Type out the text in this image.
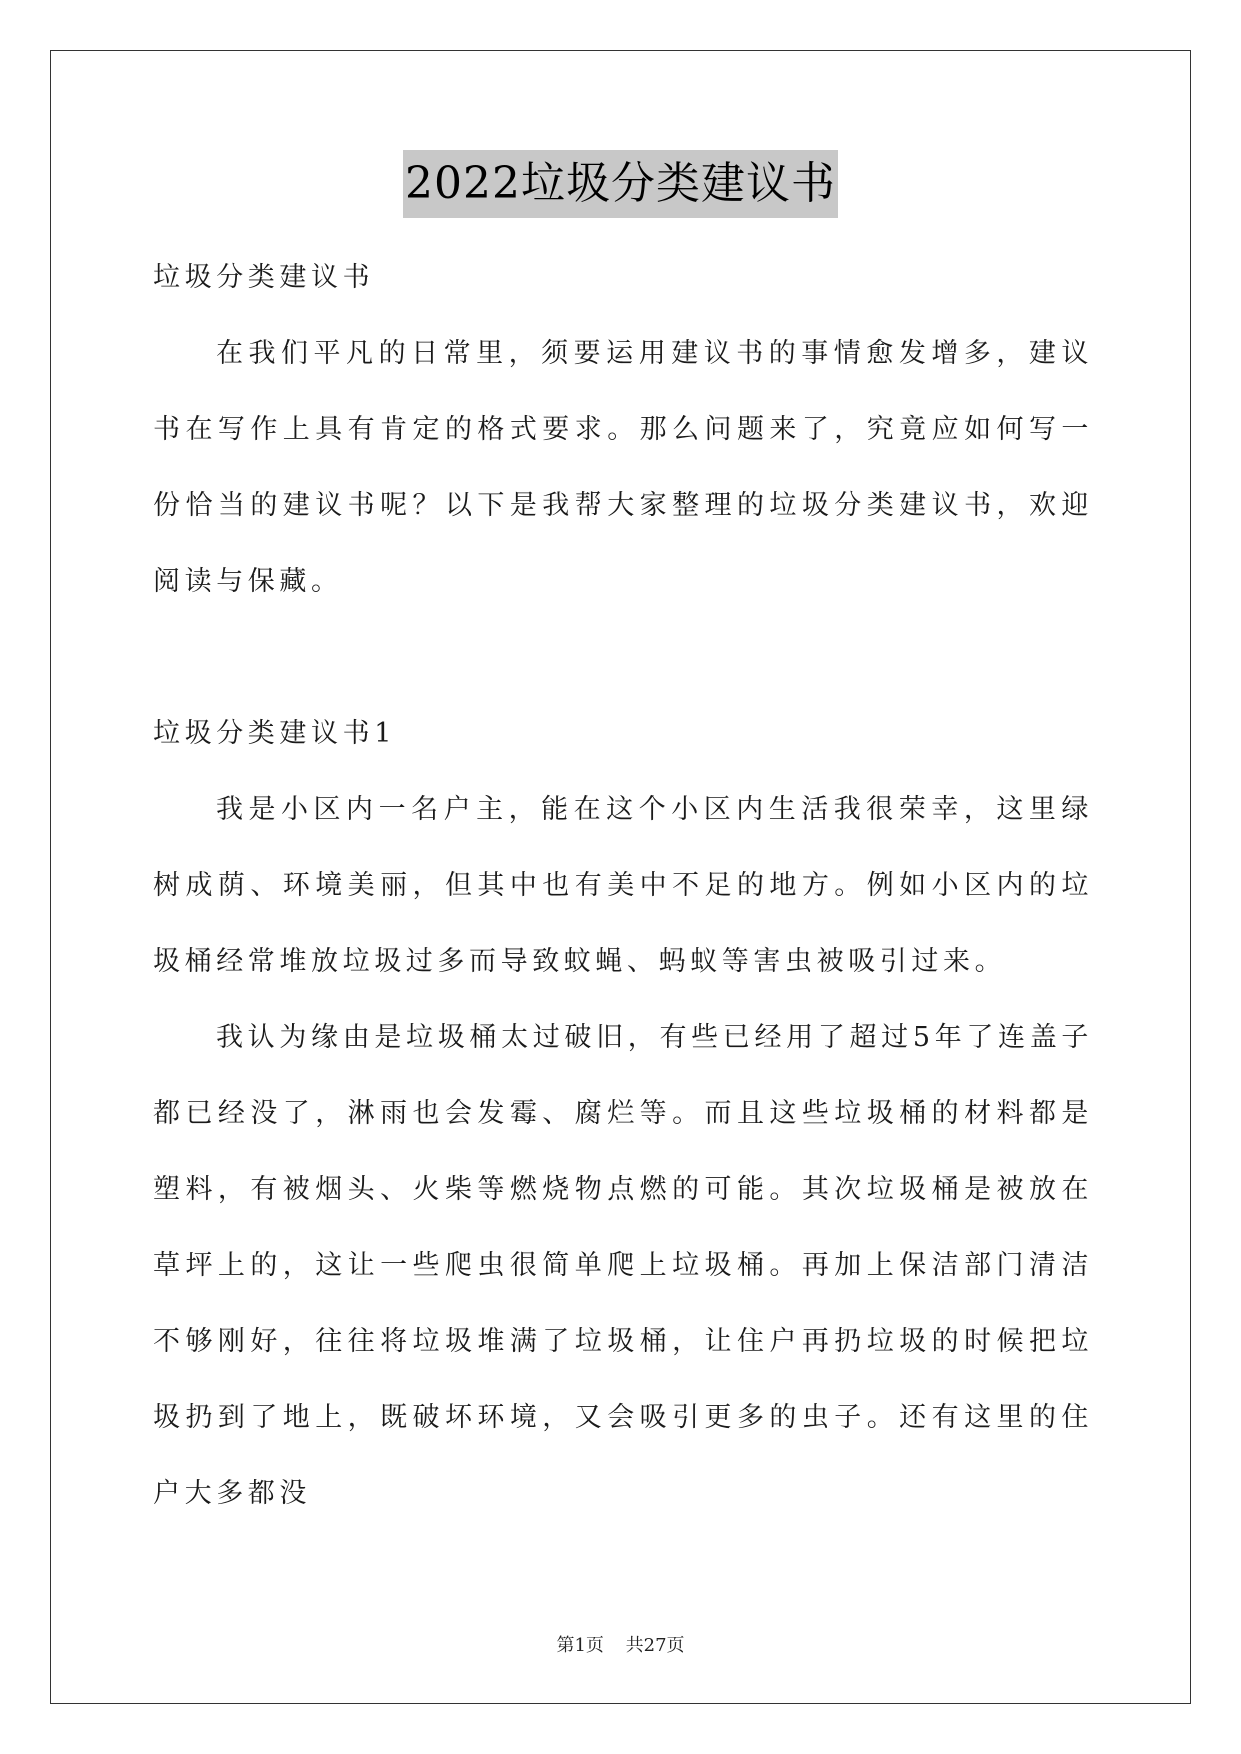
2022垃圾分类建议书

垃圾分类建议书

在我们平凡的日常里，须要运用建议书的事情愈发增多，建议书在写作上具有肯定的格式要求。那么问题来了，究竟应如何写一份恰当的建议书呢？以下是我帮大家整理的垃圾分类建议书，欢迎阅读与保藏。

垃圾分类建议书1

我是小区内一名户主，能在这个小区内生活我很荣幸，这里绿树成荫、环境美丽，但其中也有美中不足的地方。例如小区内的垃圾桶经常堆放垃圾过多而导致蚊蝇、蚂蚁等害虫被吸引过来。

我认为缘由是垃圾桶太过破旧，有些已经用了超过5年了连盖子都已经没了，淋雨也会发霉、腐烂等。而且这些垃圾桶的材料都是塑料，有被烟头、火柴等燃烧物点燃的可能。其次垃圾桶是被放在草坪上的，这让一些爬虫很简单爬上垃圾桶。再加上保洁部门清洁不够刚好，往往将垃圾堆满了垃圾桶，让住户再扔垃圾的时候把垃圾扔到了地上，既破坏环境，又会吸引更多的虫子。还有这里的住户大多都没

第1页 共27页
